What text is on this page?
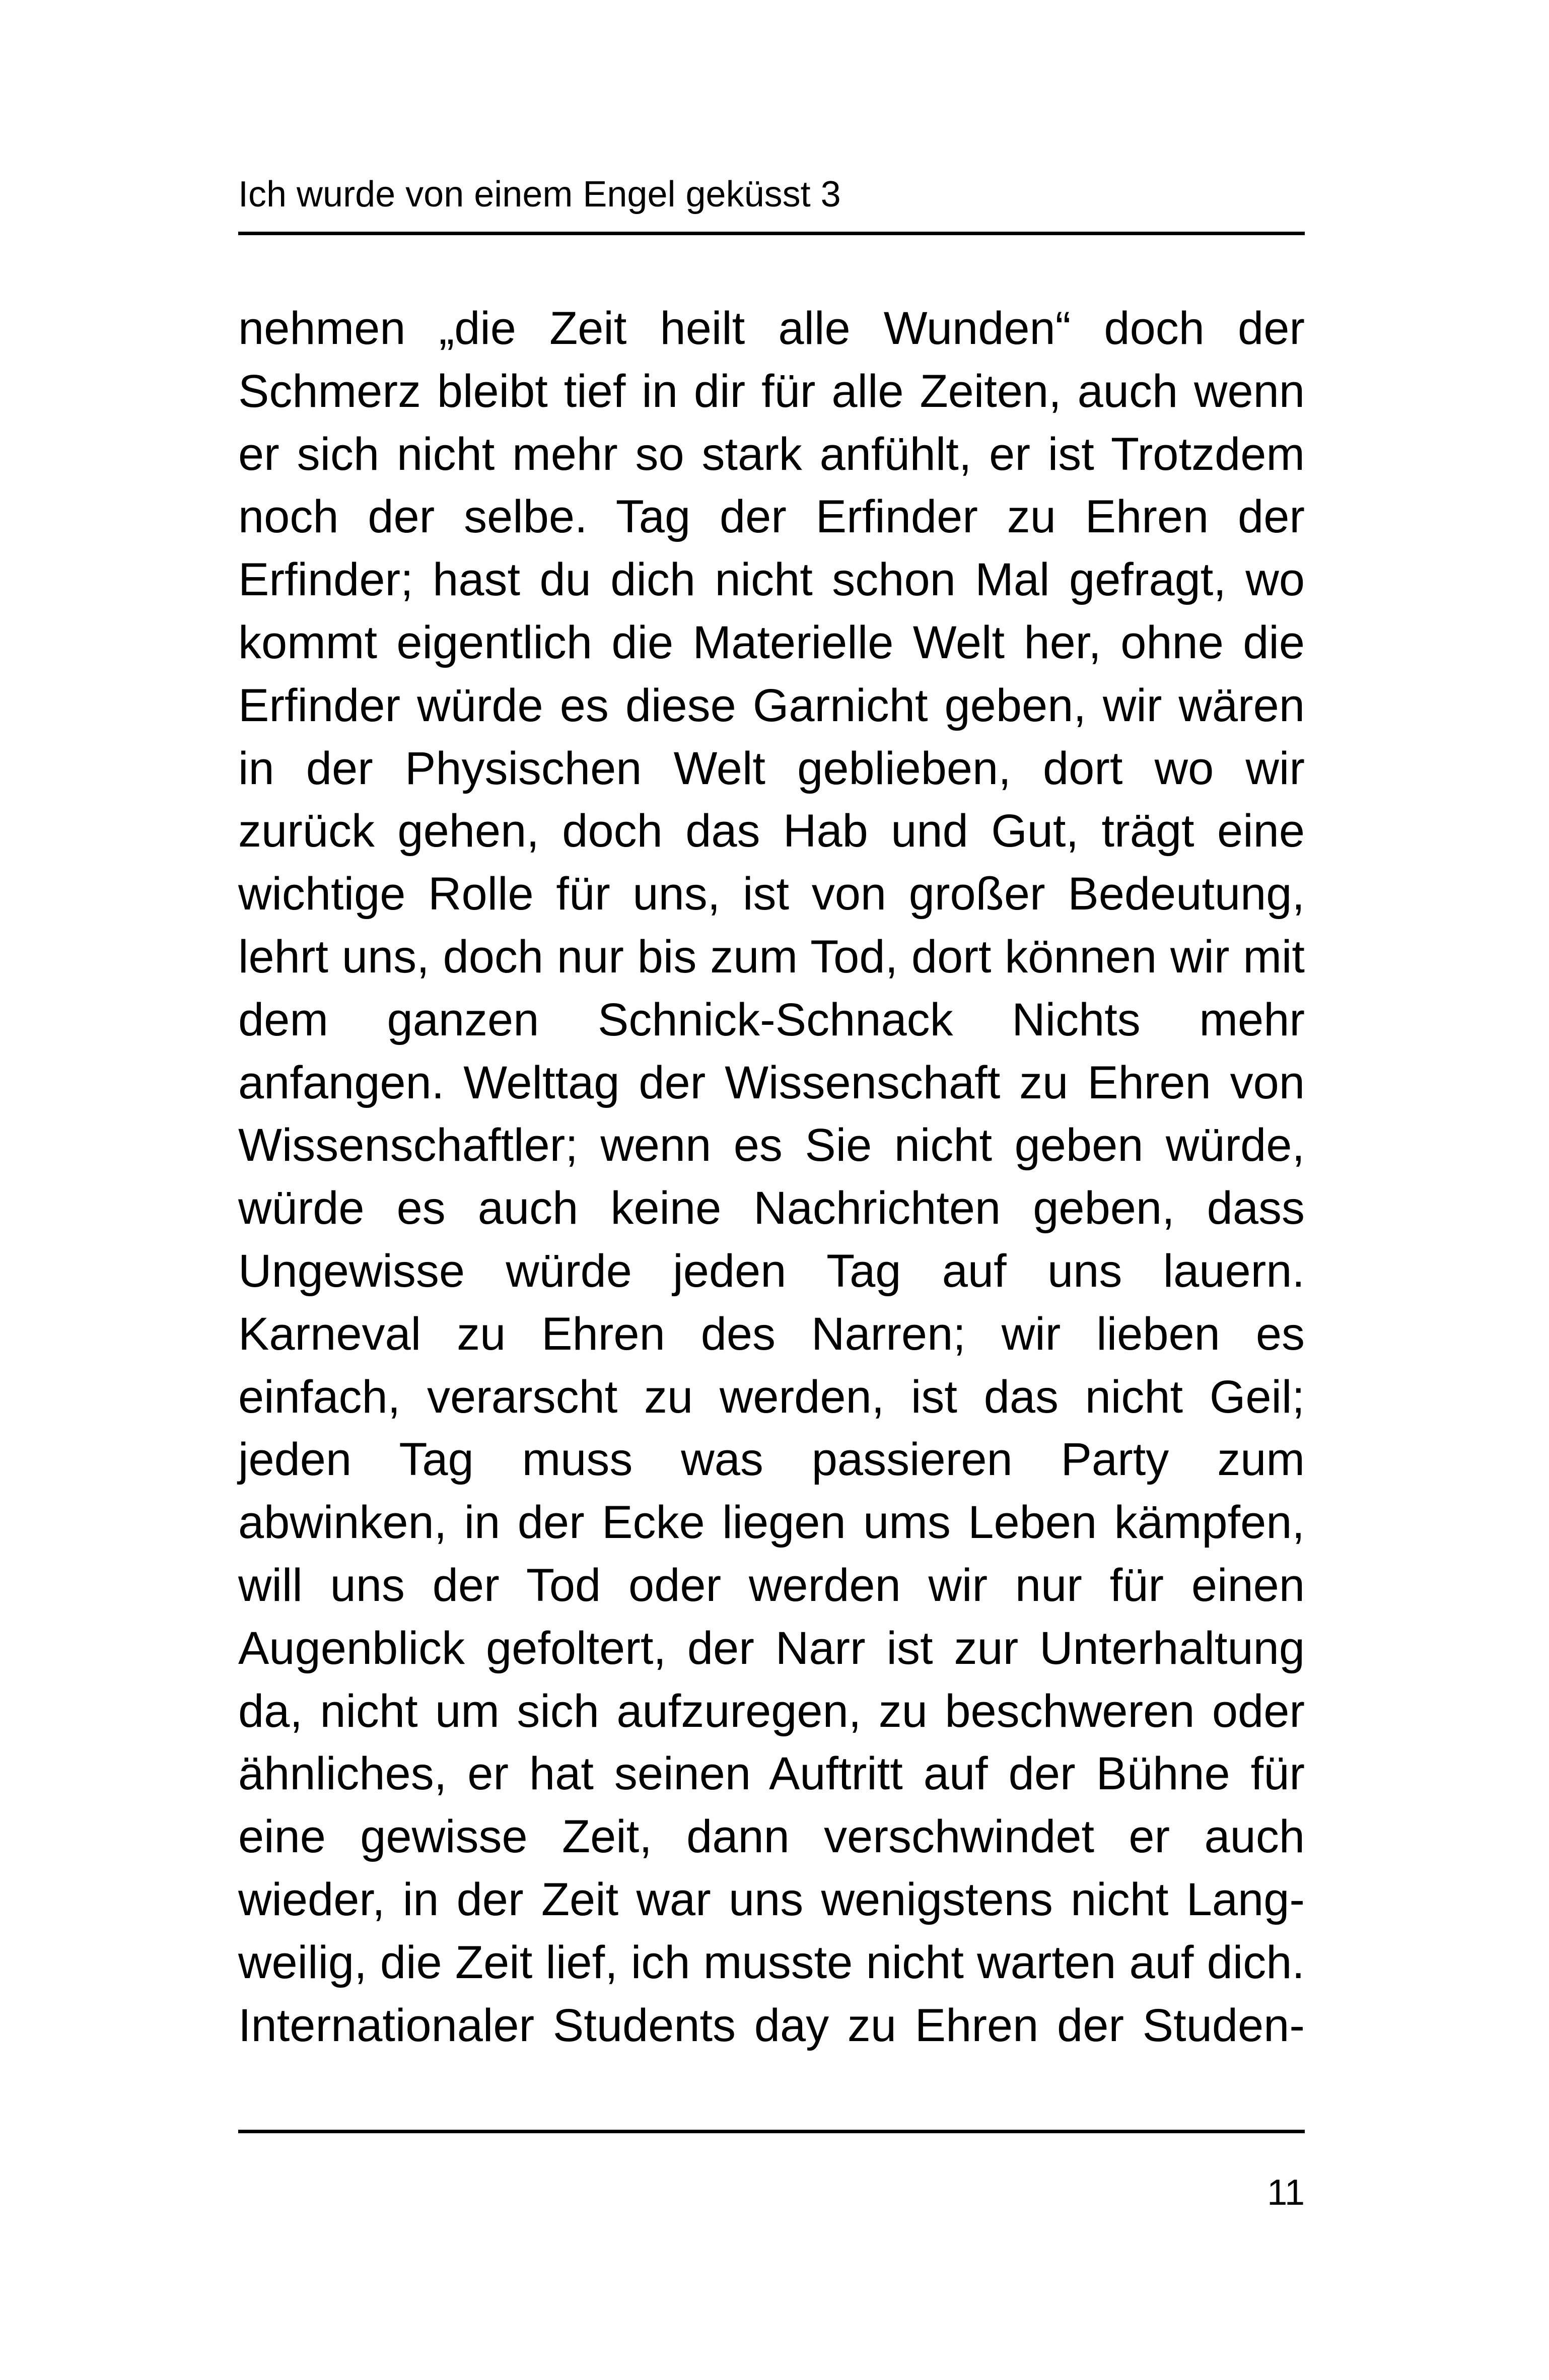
Ich wurde von einem Engel geküsst 3
nehmen „die Zeit heilt alle Wunden“ doch der
Schmerz bleibt tief in dir für alle Zeiten, auch wenn
er sich nicht mehr so stark anfühlt, er ist Trotzdem
noch der selbe. Tag der Erfinder zu Ehren der
Erfinder; hast du dich nicht schon Mal gefragt, wo
kommt eigentlich die Materielle Welt her, ohne die
Erfinder würde es diese Garnicht geben, wir wären
in der Physischen Welt geblieben, dort wo wir
zurück gehen, doch das Hab und Gut, trägt eine
wichtige Rolle für uns, ist von großer Bedeutung,
lehrt uns, doch nur bis zum Tod, dort können wir mit
dem ganzen Schnick-Schnack Nichts mehr
anfangen. Welttag der Wissenschaft zu Ehren von
Wissenschaftler; wenn es Sie nicht geben würde,
würde es auch keine Nachrichten geben, dass
Ungewisse würde jeden Tag auf uns lauern.
Karneval zu Ehren des Narren; wir lieben es
einfach, verarscht zu werden, ist das nicht Geil;
jeden Tag muss was passieren Party zum
abwinken, in der Ecke liegen ums Leben kämpfen,
will uns der Tod oder werden wir nur für einen
Augenblick gefoltert, der Narr ist zur Unterhaltung
da, nicht um sich aufzuregen, zu beschweren oder
ähnliches, er hat seinen Auftritt auf der Bühne für
eine gewisse Zeit, dann verschwindet er auch
wieder, in der Zeit war uns wenigstens nicht Lang-
weilig, die Zeit lief, ich musste nicht warten auf dich.
Internationaler Students day zu Ehren der Studen-
11
